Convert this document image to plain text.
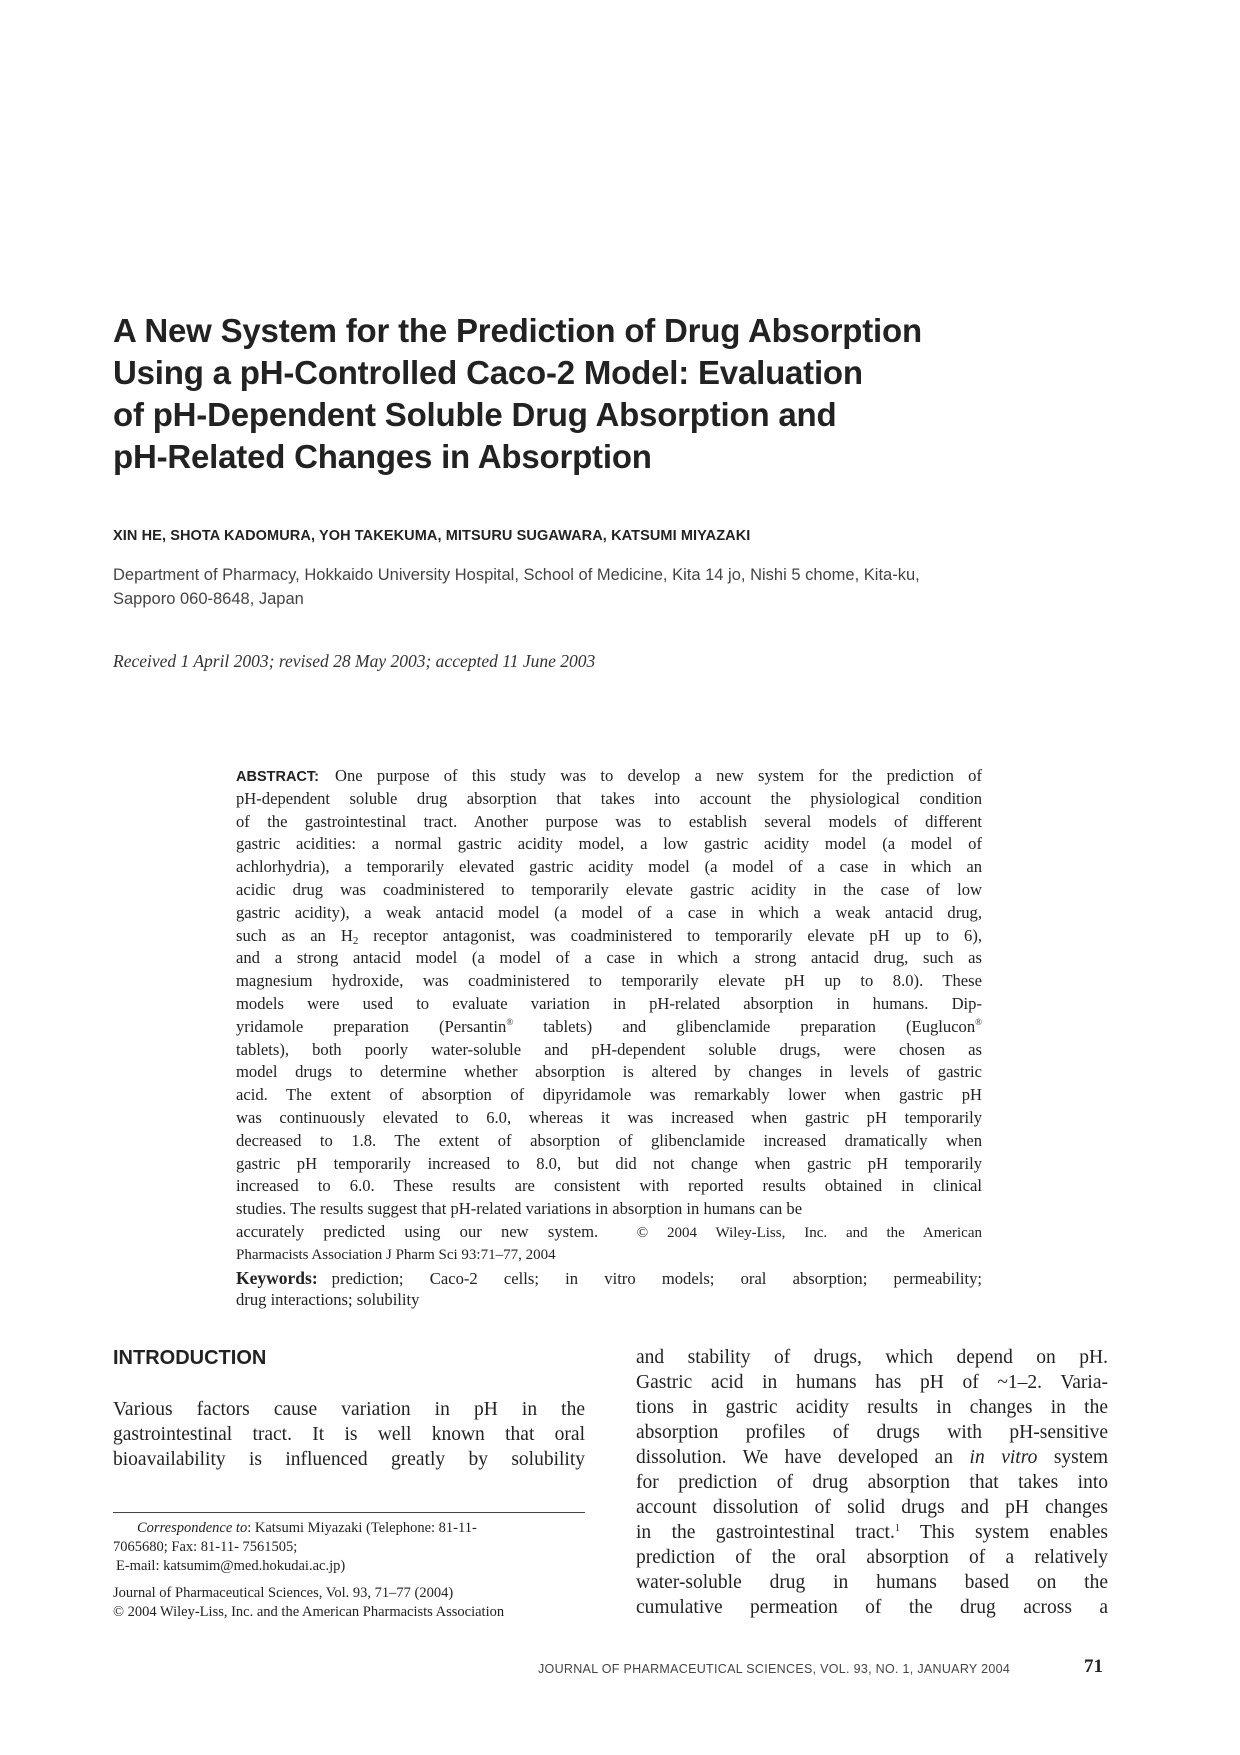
A New System for the Prediction of Drug Absorption
Using a pH-Controlled Caco-2 Model: Evaluation
of pH-Dependent Soluble Drug Absorption and
pH-Related Changes in Absorption

XIN HE, SHOTA KADOMURA, YOH TAKEKUMA, MITSURU SUGAWARA, KATSUMI MIYAZAKI

Department of Pharmacy, Hokkaido University Hospital, School of Medicine, Kita 14 jo, Nishi 5 chome, Kita-ku,
Sapporo 060-8648, Japan

Received 1 April 2003; revised 28 May 2003; accepted 11 June 2003

ABSTRACT: One purpose of this study was to develop a new system for the prediction of
pH-dependent soluble drug absorption that takes into account the physiological condition
of the gastrointestinal tract. Another purpose was to establish several models of different
gastric acidities: a normal gastric acidity model, a low gastric acidity model (a model of
achlorhydria), a temporarily elevated gastric acidity model (a model of a case in which an
acidic drug was coadministered to temporarily elevate gastric acidity in the case of low
gastric acidity), a weak antacid model (a model of a case in which a weak antacid drug,
such as an $H_2$ receptor antagonist, was coadministered to temporarily elevate pH up to 6),
and a strong antacid model (a model of a case in which a strong antacid drug, such as
magnesium hydroxide, was coadministered to temporarily elevate pH up to 8.0). These
models were used to evaluate variation in pH-related absorption in humans. Dip-
yridamole preparation (Persantin® tablets) and glibenclamide preparation (Euglucon®
tablets), both poorly water-soluble and pH-dependent soluble drugs, were chosen as
model drugs to determine whether absorption is altered by changes in levels of gastric
acid. The extent of absorption of dipyridamole was remarkably lower when gastric pH
was continuously elevated to 6.0, whereas it was increased when gastric pH temporarily
decreased to 1.8. The extent of absorption of glibenclamide increased dramatically when
gastric pH temporarily increased to 8.0, but did not change when gastric pH temporarily
increased to 6.0. These results are consistent with reported results obtained in clinical
studies. The results suggest that pH-related variations in absorption in humans can be
accurately predicted using our new system.	© 2004 Wiley-Liss, Inc. and the American
Pharmacists Association J Pharm Sci 93:71–77, 2004
Keywords: prediction; Caco-2 cells; in vitro models; oral absorption; permeability;
drug interactions; solubility
INTRODUCTION
Various factors cause variation in pH in the
gastrointestinal tract. It is well known that oral
bioavailability is influenced greatly by solubility
and stability of drugs, which depend on pH.
Gastric acid in humans has pH of ~1–2. Varia-
tions in gastric acidity results in changes in the
absorption profiles of drugs with pH-sensitive
dissolution. We have developed an in vitro system
for prediction of drug absorption that takes into
account dissolution of solid drugs and pH changes
in the gastrointestinal tract.$^1$ This system enables
prediction of the oral absorption of a relatively
water-soluble drug in humans based on the
cumulative permeation of the drug across a
Correspondence to: Katsumi Miyazaki (Telephone: 81-11-
7065680; Fax: 81-11- 7561505;
E-mail: katsumim@med.hokudai.ac.jp)
Journal of Pharmaceutical Sciences, Vol. 93, 71–77 (2004)
© 2004 Wiley-Liss, Inc. and the American Pharmacists Association

JOURNAL OF PHARMACEUTICAL SCIENCES, VOL. 93, NO. 1, JANUARY 2004	71
